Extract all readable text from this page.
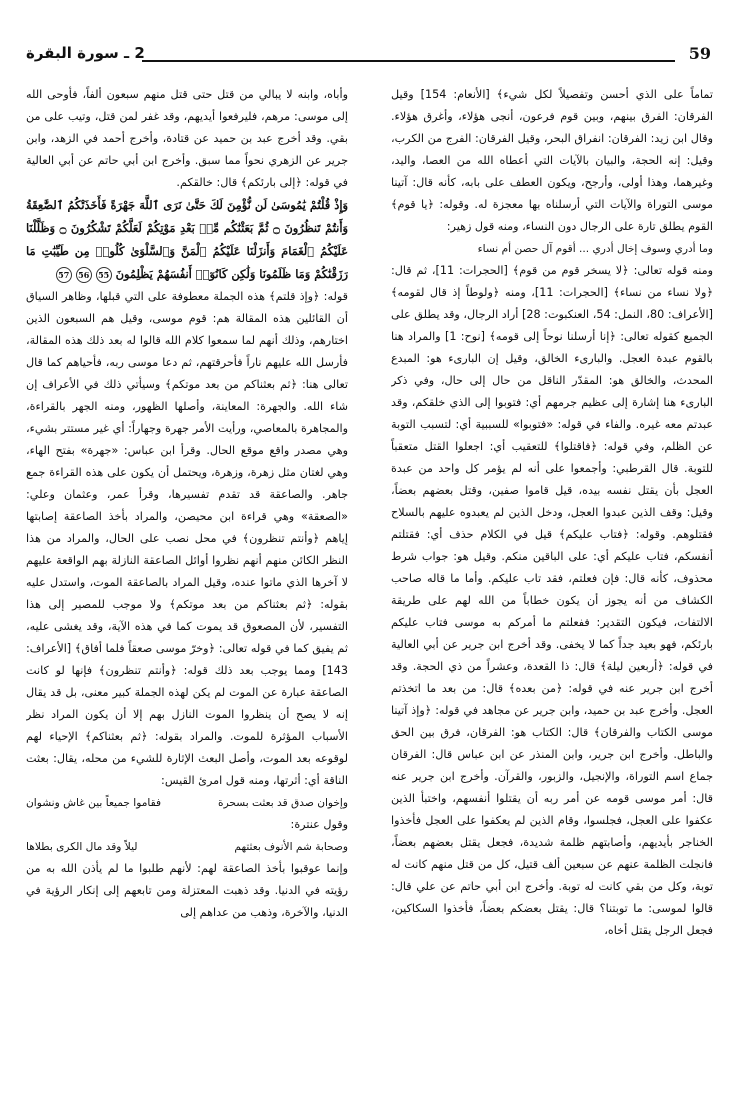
59
2 ـ سورة البقرة

تماماً على الذي أحسن وتفصيلاً لكل شيء﴾ [الأنعام: 154] وقيل الفرقان: الفرق بينهم، وبين قوم فرعون، أنجى هؤلاء، وأغرق هؤلاء. وقال ابن زيد: الفرقان: انفراق البحر، وقيل الفرقان: الفرج من الكرب، وقيل: إنه الحجة، والبيان بالآيات التي أعطاه الله من العصا، واليد، وغيرهما، وهذا أولى، وأرجح، ويكون العطف على بابه، كأنه قال: آتينا موسى التوراة والآيات التي أرسلناه بها معجزة له. وقوله: ﴿يا قوم﴾ القوم يطلق تارة على الرجال دون النساء، ومنه قول زهير:

وما أدري وسوف إخال أدري ... أقوم آل حصن أم نساء

ومنه قوله تعالى: ﴿لا يسخر قوم من قوم﴾ [الحجرات: 11]، ثم قال: ﴿ولا نساء من نساء﴾ [الحجرات: 11]، ومنه ﴿ولوطاً إذ قال لقومه﴾ [الأعراف: 80، النمل: 54، العنكبوت: 28] أراد الرجال، وقد يطلق على الجميع كقوله تعالى: ﴿إنا أرسلنا نوحاً إلى قومه﴾ [نوح: 1] والمراد هنا بالقوم عبدة العجل. والبارىء الخالق، وقيل إن البارىء هو: المبدع المحدث، والخالق هو: المقدّر الناقل من حال إلى حال، وفي ذكر البارىء هنا إشارة إلى عظيم جرمهم أي: فتوبوا إلى الذي خلقكم، وقد عبدتم معه غيره. والفاء في قوله: «فتوبوا» للسببية أي: لتسبب التوبة عن الظلم، وفي قوله: ﴿فاقتلوا﴾ للتعقيب أي: اجعلوا القتل متعقباً للتوبة. قال القرطبي: وأجمعوا على أنه لم يؤمر كل واحد من عبدة العجل بأن يقتل نفسه بيده، قيل قاموا صفين، وقتل بعضهم بعضاً، وقيل: وقف الذين عبدوا العجل، ودخل الذين لم يعبدوه عليهم بالسلاح فقتلوهم. وقوله: ﴿فتاب عليكم﴾ قيل في الكلام حذف أي: فقتلتم أنفسكم، فتاب عليكم أي: على الباقين منكم. وقيل هو: جواب شرط محذوف، كأنه قال: فإن فعلتم، فقد تاب عليكم. وأما ما قاله صاحب الكشاف من أنه يجوز أن يكون خطاباً من الله لهم على طريقة الالتفات، فيكون التقدير: ففعلتم ما أمركم به موسى فتاب عليكم بارئكم، فهو بعيد جداً كما لا يخفى. وقد أخرج ابن جرير عن أبي العالية في قوله: ﴿أربعين ليلة﴾ قال: ذا القعدة، وعشراً من ذي الحجة. وقد أخرج ابن جرير عنه في قوله: ﴿من بعده﴾ قال: من بعد ما اتخذتم العجل. وأخرج عبد بن حميد، وابن جرير عن مجاهد في قوله: ﴿وإذ آتينا موسى الكتاب والفرقان﴾ قال: الكتاب هو: الفرقان، فرق بين الحق والباطل. وأخرج ابن جرير، وابن المنذر عن ابن عباس قال: الفرقان جماع اسم التوراة، والإنجيل، والزبور، والقرآن. وأخرج ابن جرير عنه قال: أمر موسى قومه عن أمر ربه أن يقتلوا أنفسهم، واختبأ الذين عكفوا على العجل، فجلسوا، وقام الذين لم يعكفوا على العجل فأخذوا الخناجر بأيديهم، وأصابتهم ظلمة شديدة، فجعل يقتل بعضهم بعضاً، فانجلت الظلمة عنهم عن سبعين ألف قتيل، كل من قتل منهم كانت له توبة، وكل من بقي كانت له توبة. وأخرج ابن أبي حاتم عن علي قال: قالوا لموسى: ما توبتنا؟ قال: يقتل بعضكم بعضاً، فأخذوا السكاكين، فجعل الرجل يقتل أخاه،

وأباه، وابنه لا يبالي من قتل حتى قتل منهم سبعون ألفاً، فأوحى الله إلى موسى: مرهم، فليرفعوا أيديهم، وقد غفر لمن قتل، وتيب على من بقي. وقد أخرج عبد بن حميد عن قتادة، وأخرج أحمد في الزهد، وابن جرير عن الزهري نحواً مما سبق. وأخرج ابن أبي حاتم عن أبي العالية في قوله: ﴿إلى بارئكم﴾ قال: خالقكم.

وَإِذْ قُلْتُمْ يَٰمُوسَىٰ لَن نُّؤْمِنَ لَكَ حَتَّىٰ نَرَى ٱللَّهَ جَهْرَةً فَأَخَذَتْكُمُ ٱلصَّٰعِقَةُ وَأَنتُمْ تَنظُرُونَ ۝ ثُمَّ بَعَثْنَٰكُم مِّنۢ بَعْدِ مَوْتِكُمْ لَعَلَّكُمْ تَشْكُرُونَ ۝ وَظَلَّلْنَا عَلَيْكُمُ ٱلْغَمَامَ وَأَنزَلْنَا عَلَيْكُمُ ٱلْمَنَّ وَٱلسَّلْوَىٰ كُلُوا۟ مِن طَيِّبَٰتِ مَا رَزَقْنَٰكُمْ وَمَا ظَلَمُونَا وَلَٰكِن كَانُوٓا۟ أَنفُسَهُمْ يَظْلِمُونَ 55 56 57

قوله: ﴿وإذ قلتم﴾ هذه الجملة معطوفة على التي قبلها، وظاهر السياق أن القائلين هذه المقالة هم: قوم موسى، وقيل هم السبعون الذين اختارهم، وذلك أنهم لما سمعوا كلام الله قالوا له بعد ذلك هذه المقالة، فأرسل الله عليهم ناراً فأحرقتهم، ثم دعا موسى ربه، فأحياهم كما قال تعالى هنا: ﴿ثم بعثناكم من بعد موتكم﴾ وسيأتي ذلك في الأعراف إن شاء الله. والجهرة: المعاينة، وأصلها الظهور، ومنه الجهر بالقراءة، والمجاهرة بالمعاصي، ورأيت الأمر جهرة وجهاراً: أي غير مستتر بشيء، وهي مصدر واقع موقع الحال. وقرأ ابن عباس: «جهرة» بفتح الهاء، وهي لغتان مثل زهرة، وزهرة، ويحتمل أن يكون على هذه القراءة جمع جاهر. والصاعقة قد تقدم تفسيرها، وقرأ عمر، وعثمان وعلي: «الصعقة» وهي قراءة ابن محيصن، والمراد بأخذ الصاعقة إصابتها إياهم ﴿وأنتم تنظرون﴾ في محل نصب على الحال، والمراد من هذا النظر الكائن منهم أنهم نظروا أوائل الصاعقة النازلة بهم الواقعة عليهم لا آخرها الذي ماتوا عنده، وقيل المراد بالصاعقة الموت، واستدل عليه بقوله: ﴿ثم بعثناكم من بعد موتكم﴾ ولا موجب للمصير إلى هذا التفسير، لأن المصعوق قد يموت كما في هذه الآية، وقد يغشى عليه، ثم يفيق كما في قوله تعالى: ﴿وخرّ موسى صعقاً فلما أفاق﴾ [الأعراف: 143] ومما يوجب بعد ذلك قوله: ﴿وأنتم تنظرون﴾ فإنها لو كانت الصاعقة عبارة عن الموت لم يكن لهذه الجملة كبير معنى، بل قد يقال إنه لا يصح أن ينظروا الموت النازل بهم إلا أن يكون المراد نظر الأسباب المؤثرة للموت. والمراد بقوله: ﴿ثم بعثناكم﴾ الإحياء لهم لوقوعه بعد الموت، وأصل البعث الإثارة للشيء من محله، يقال: بعثت الناقة أي: أثرتها، ومنه قول امرئ القيس:

وإخوان صدق قد بعثت بسحرة
فقاموا جميعاً بين غاش ونشوان

وقول عنترة:

وصحابة شم الأنوف بعثتهم
ليلاً وقد مال الكرى بطلاها

وإنما عوقبوا بأخذ الصاعقة لهم: لأنهم طلبوا ما لم يأذن الله به من رؤيته في الدنيا. وقد ذهبت المعتزلة ومن تابعهم إلى إنكار الرؤية في الدنيا، والآخرة، وذهب من عداهم إلى
